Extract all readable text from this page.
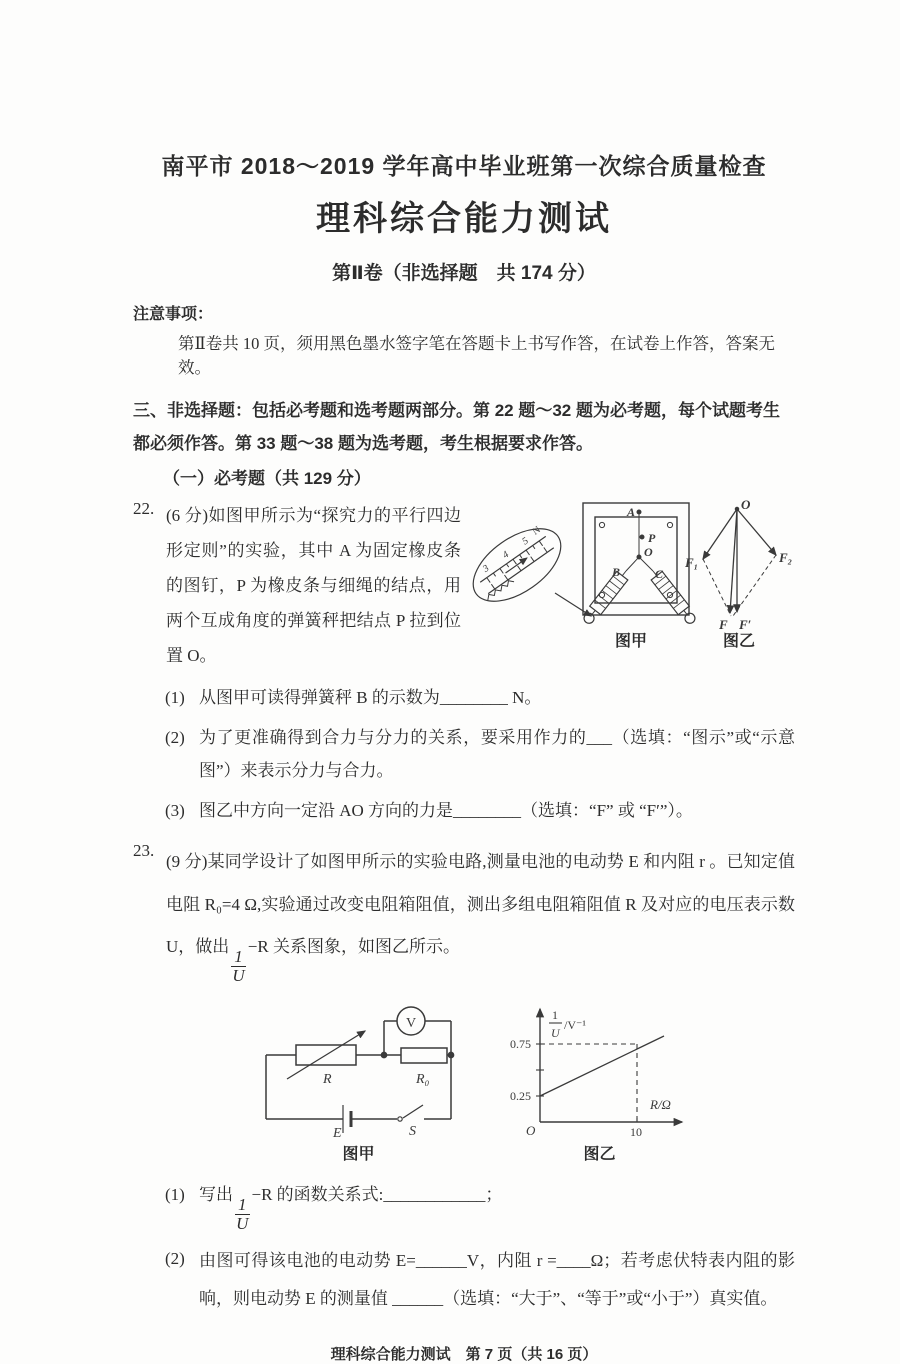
南平市 2018～2019 学年高中毕业班第一次综合质量检查
理科综合能力测试
第Ⅱ卷（非选择题　共 174 分）
注意事项：
第Ⅱ卷共 10 页，须用黑色墨水签字笔在答题卡上书写作答，在试卷上作答，答案无效。
三、非选择题：包括必考题和选考题两部分。第 22 题～32 题为必考题，每个试题考生都必须作答。第 33 题～38 题为选考题，考生根据要求作答。
（一）必考题（共 129 分）
22. (6 分)如图甲所示为“探究力的平行四边形定则”的实验，其中 A 为固定橡皮条的图钉，P 为橡皮条与细绳的结点，用两个互成角度的弹簧秤把结点 P 拉到位置 O。
3
4
5
N
A
P
O
B	C
O
F₁	F₂
F F′
图甲	图乙
(1) 从图甲可读得弹簧秤 B 的示数为________ N。
(2) 为了更准确得到合力与分力的关系，要采用作力的___（选填：“图示”或“示意图”）来表示分力与合力。
(3) 图乙中方向一定沿 AO 方向的力是________（选填：“F” 或 “F′”）。
23.
(9 分)某同学设计了如图甲所示的实验电路,测量电池的电动势 E 和内阻 r 。已知定值电阻 R₀=4 Ω,实验通过改变电阻箱阻值，测出多组电阻箱阻值 R 及对应的电压表示数 U，做出
$\frac{1}{U}$
−R 关系图象，如图乙所示。
R	R₀
V
E	S
图甲
0.75
0.25
10
O
R/Ω
1
U
/V⁻¹
图乙
(1) 写出
$\frac{1}{U}$
−R 的函数关系式:____________；
(2) 由图可得该电池的电动势 E=______V，内阻 r =____Ω；若考虑伏特表内阻的影响，则电动势 E 的测量值 ______（选填：“大于”、“等于”或“小于”）真实值。
理科综合能力测试　第 7 页（共 16 页）
